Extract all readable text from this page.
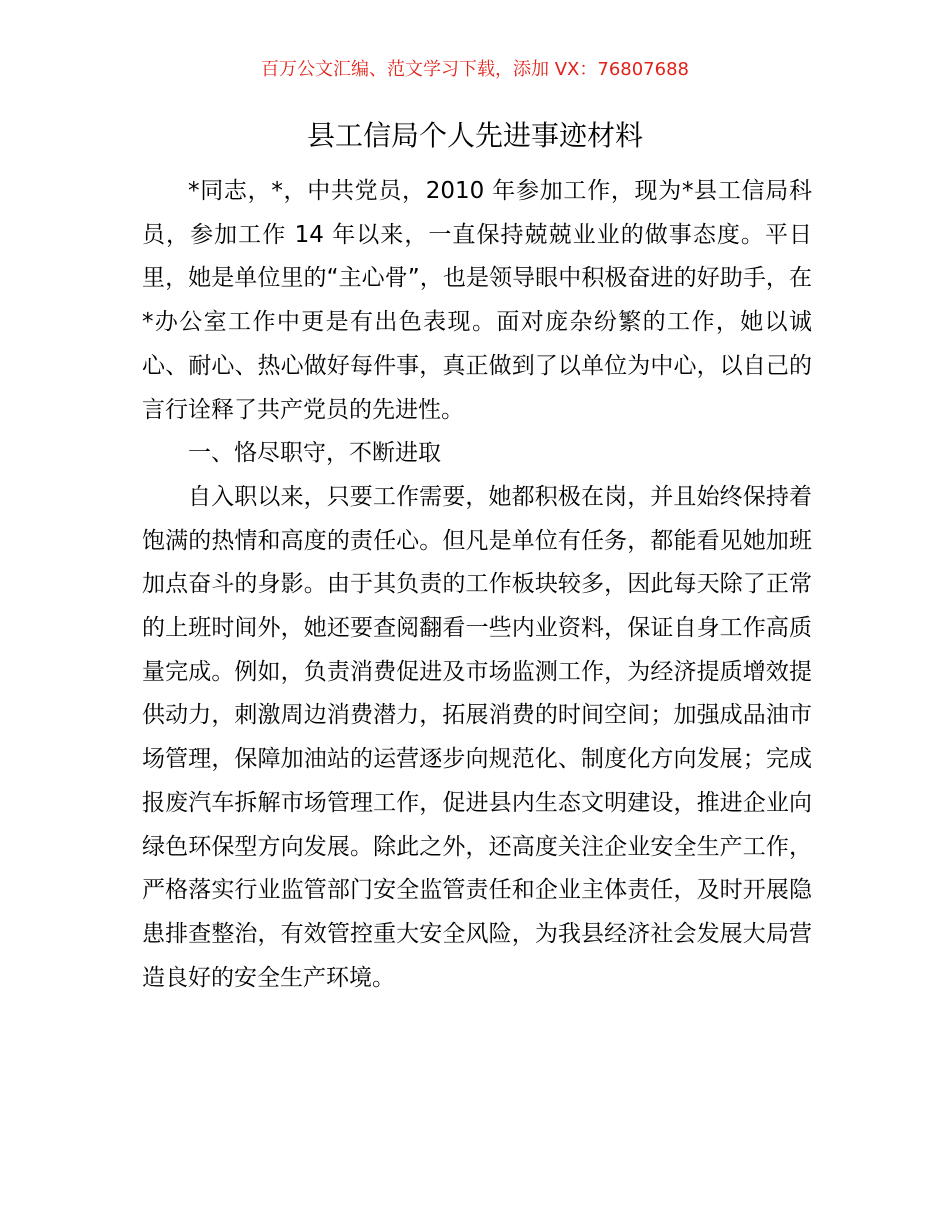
百万公文汇编、范文学习下载，添加 VX：76807688
县工信局个人先进事迹材料

*同志，*，中共党员，2010 年参加工作，现为*县工信局科员，参加工作 14 年以来，一直保持兢兢业业的做事态度。平日里，她是单位里的“主心骨”，也是领导眼中积极奋进的好助手，在*办公室工作中更是有出色表现。面对庞杂纷繁的工作，她以诚心、耐心、热心做好每件事，真正做到了以单位为中心，以自己的言行诠释了共产党员的先进性。

一、恪尽职守，不断进取

自入职以来，只要工作需要，她都积极在岗，并且始终保持着饱满的热情和高度的责任心。但凡是单位有任务，都能看见她加班加点奋斗的身影。由于其负责的工作板块较多，因此每天除了正常的上班时间外，她还要查阅翻看一些内业资料，保证自身工作高质量完成。例如，负责消费促进及市场监测工作，为经济提质增效提供动力，刺激周边消费潜力，拓展消费的时间空间；加强成品油市场管理，保障加油站的运营逐步向规范化、制度化方向发展；完成报废汽车拆解市场管理工作，促进县内生态文明建设，推进企业向绿色环保型方向发展。除此之外，还高度关注企业安全生产工作，严格落实行业监管部门安全监管责任和企业主体责任，及时开展隐患排查整治，有效管控重大安全风险，为我县经济社会发展大局营造良好的安全生产环境。
